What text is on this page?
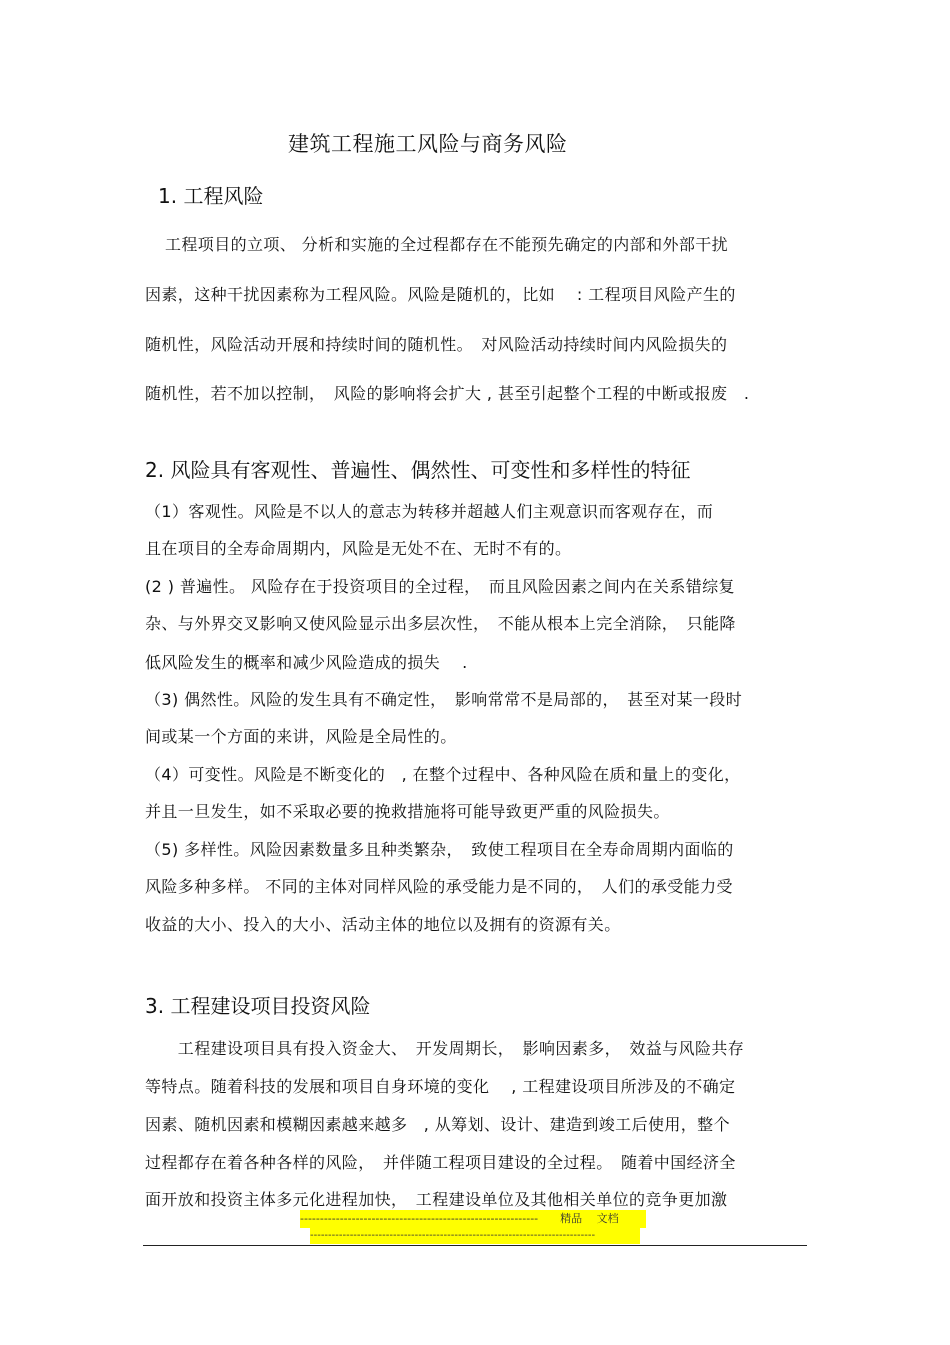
建筑工程施工风险与商务风险
1. 工程风险
工程项目的立项、 分析和实施的全过程都存在不能预先确定的内部和外部干扰
因素，这种干扰因素称为工程风险。风险是随机的，比如　 : 工程项目风险产生的
随机性，风险活动开展和持续时间的随机性。　对风险活动持续时间内风险损失的
随机性，若不加以控制，　风险的影响将会扩大 , 甚至引起整个工程的中断或报废　.
2. 风险具有客观性、普遍性、偶然性、可变性和多样性的特征
（1）客观性。风险是不以人的意志为转移并超越人们主观意识而客观存在，而
且在项目的全寿命周期内，风险是无处不在、无时不有的。
(2 ) 普遍性。 风险存在于投资项目的全过程，　而且风险因素之间内在关系错综复
杂、与外界交叉影响又使风险显示出多层次性，　不能从根本上完全消除，　只能降
低风险发生的概率和减少风险造成的损失　 .
（3) 偶然性。风险的发生具有不确定性，　影响常常不是局部的，　甚至对某一段时
间或某一个方面的来讲，风险是全局性的。
（4）可变性。风险是不断变化的　, 在整个过程中、各种风险在质和量上的变化，
并且一旦发生，如不采取必要的挽救措施将可能导致更严重的风险损失。
（5) 多样性。风险因素数量多且种类繁杂，　致使工程项目在全寿命周期内面临的
风险多种多样。 不同的主体对同样风险的承受能力是不同的，　人们的承受能力受
收益的大小、投入的大小、活动主体的地位以及拥有的资源有关。
3. 工程建设项目投资风险
　　工程建设项目具有投入资金大、　开发周期长，　影响因素多，　效益与风险共存
等特点。随着科技的发展和项目自身环境的变化　 , 工程建设项目所涉及的不确定
因素、随机因素和模糊因素越来越多　, 从筹划、设计、建造到竣工后使用，整个
过程都存在着各种各样的风险，　并伴随工程项目建设的全过程。　随着中国经济全
面开放和投资主体多元化进程加快，　工程建设单位及其他相关单位的竞争更加激
------------------------------------------------------------　　精品　 文档
-------------------------------------------------------------------------------
